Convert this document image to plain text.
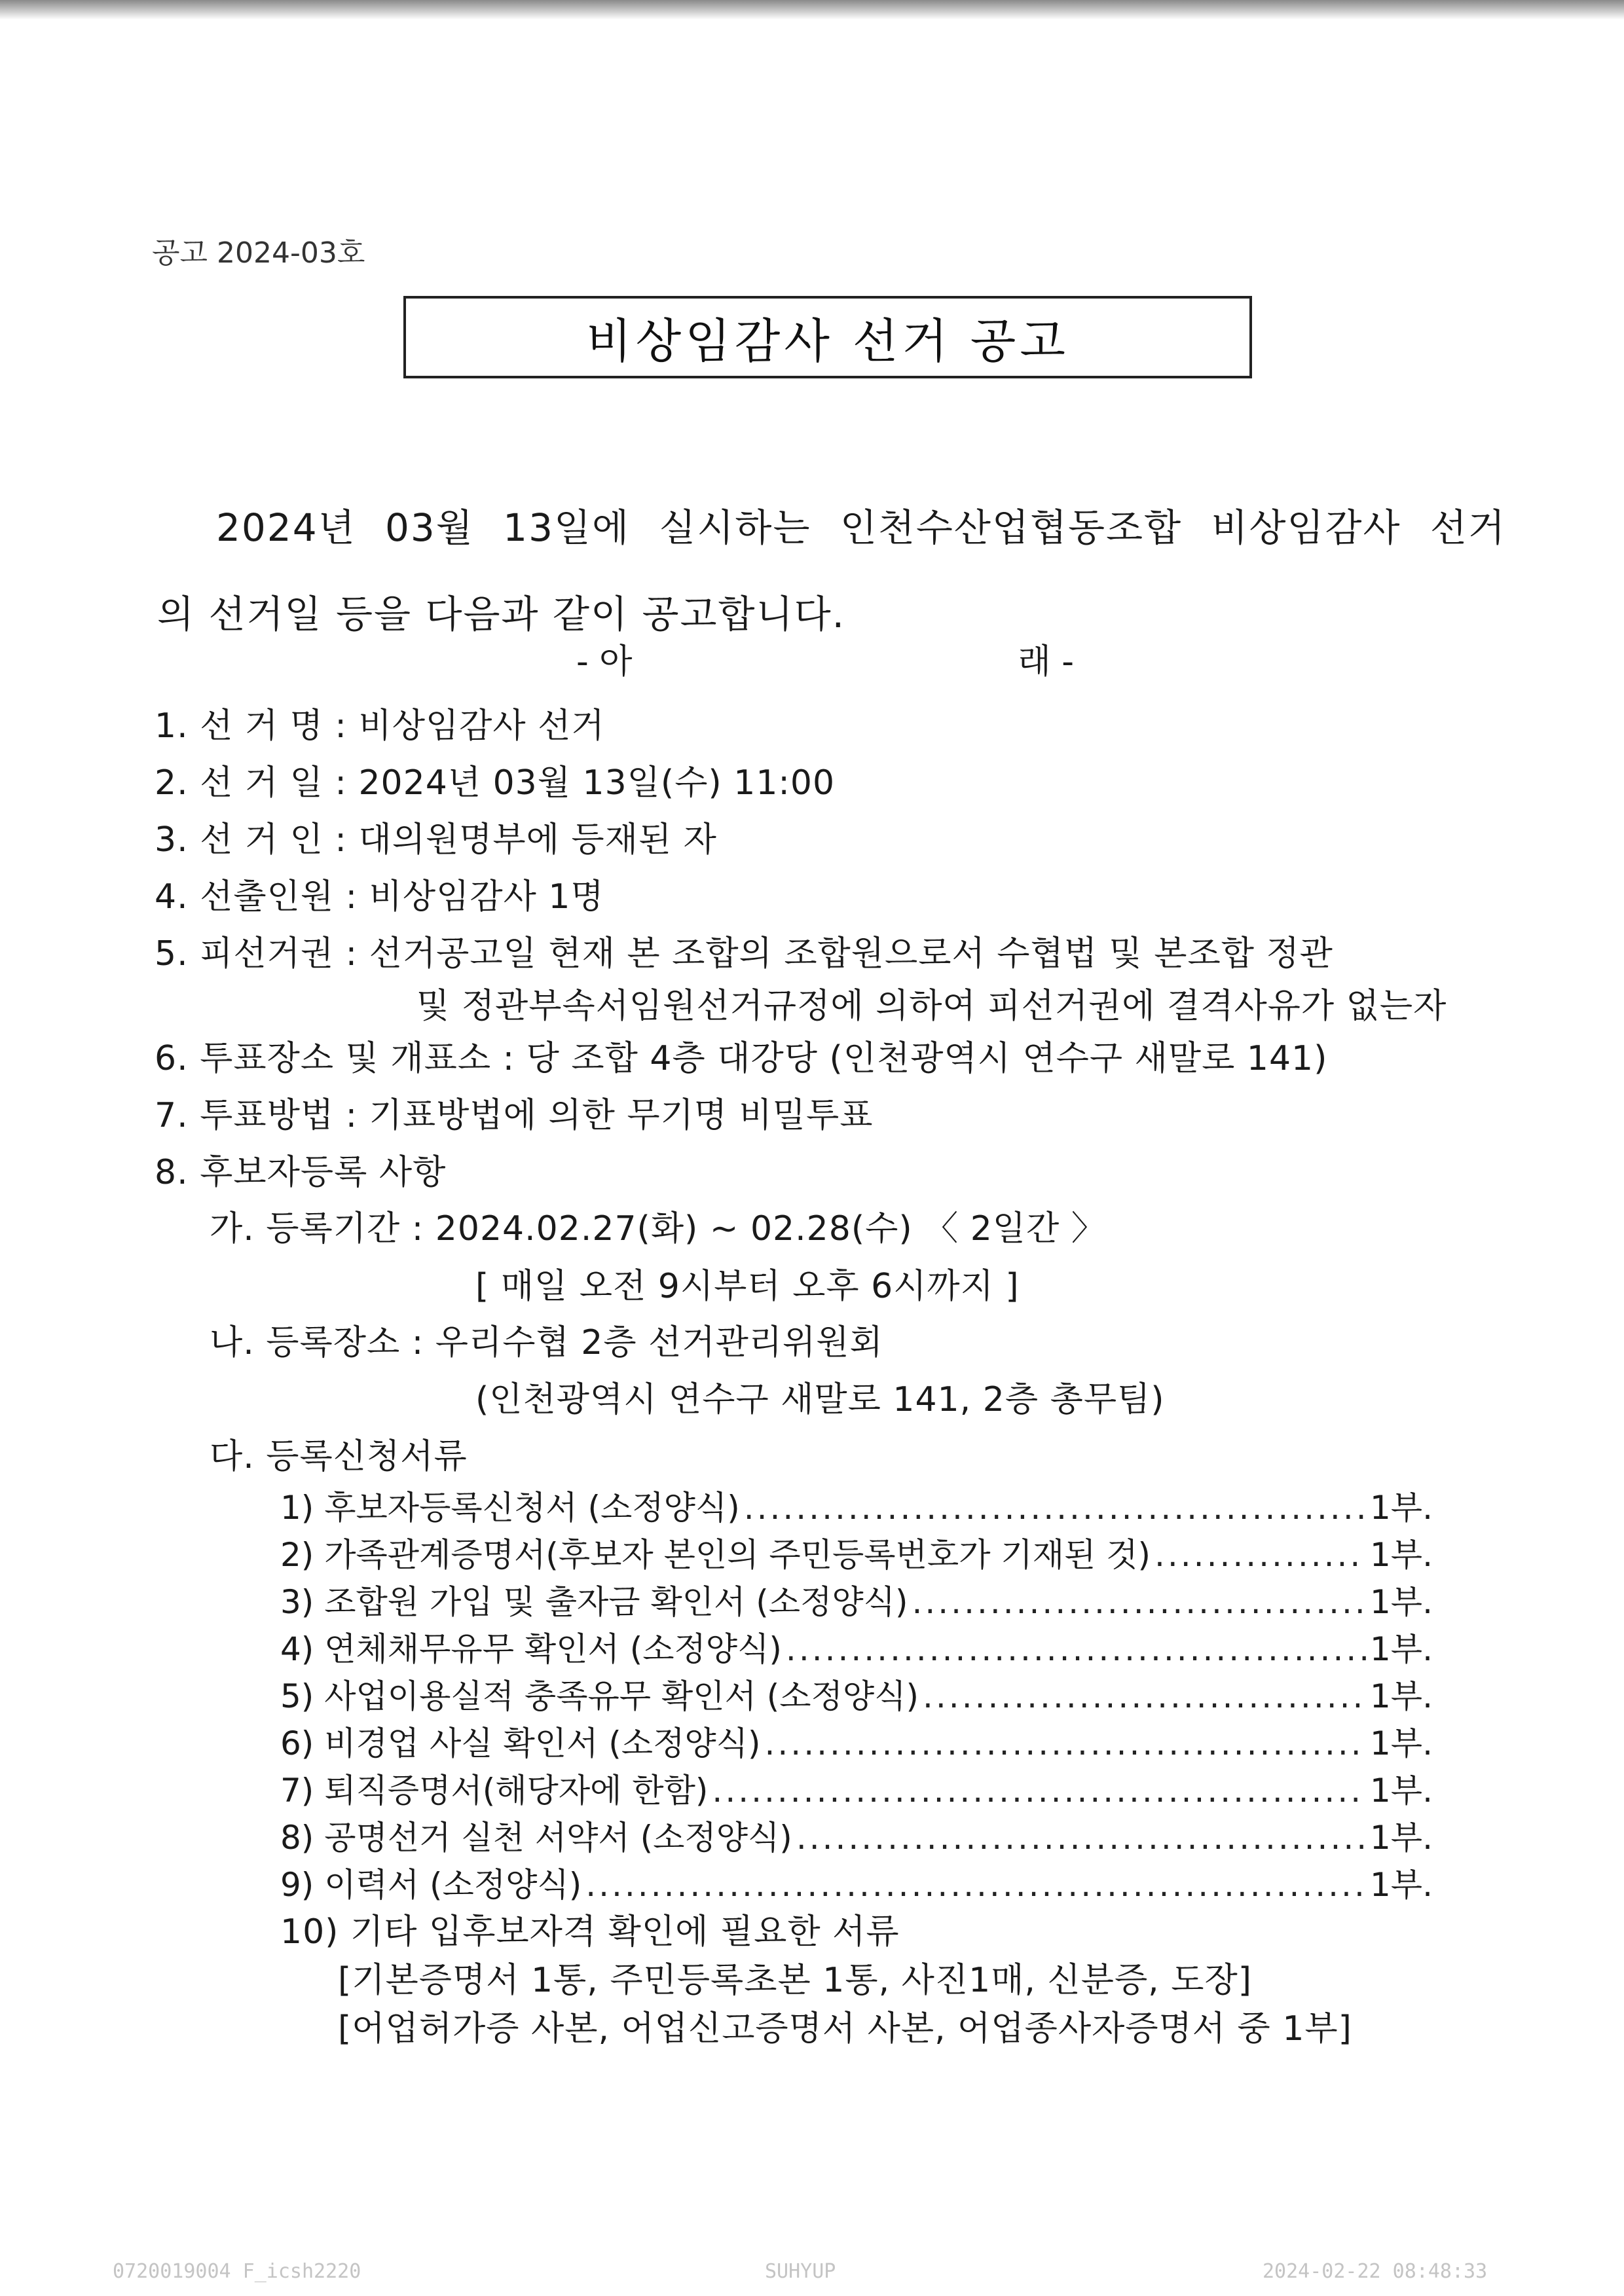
공고 2024-03호
비상임감사 선거 공고
2024년 03월 13일에 실시하는 인천수산업협동조합 비상임감사 선거
의 선거일 등을 다음과 같이 공고합니다.
- 아	래 -
1. 선 거 명 : 비상임감사 선거
2. 선 거 일 : 2024년 03월 13일(수) 11:00
3. 선 거 인 : 대의원명부에 등재된 자
4. 선출인원 : 비상임감사 1명
5. 피선거권 : 선거공고일 현재 본 조합의 조합원으로서 수협법 및 본조합 정관
및 정관부속서임원선거규정에 의하여 피선거권에 결격사유가 없는자
6. 투표장소 및 개표소 : 당 조합 4층 대강당 (인천광역시 연수구 새말로 141)
7. 투표방법 : 기표방법에 의한 무기명 비밀투표
8. 후보자등록 사항
가. 등록기간 : 2024.02.27(화) ~ 02.28(수) 〈 2일간 〉
[ 매일 오전 9시부터 오후 6시까지 ]
나. 등록장소 : 우리수협 2층 선거관리위원회
(인천광역시 연수구 새말로 141, 2층 총무팀)
다. 등록신청서류
1) 후보자등록신청서 (소정양식) .....	1부.
2) 가족관계증명서(후보자 본인의 주민등록번호가 기재된 것) .....	1부.
3) 조합원 가입 및 출자금 확인서 (소정양식) .....	1부.
4) 연체채무유무 확인서 (소정양식) .....	1부.
5) 사업이용실적 충족유무 확인서 (소정양식) .....	1부.
6) 비경업 사실 확인서 (소정양식) .....	1부.
7) 퇴직증명서(해당자에 한함) .....	1부.
8) 공명선거 실천 서약서 (소정양식) .....	1부.
9) 이력서 (소정양식) .....	1부.
10) 기타 입후보자격 확인에 필요한 서류
[기본증명서 1통, 주민등록초본 1통, 사진1매, 신분증, 도장]
[어업허가증 사본, 어업신고증명서 사본, 어업종사자증명서 중 1부]
0720019004 F_icsh2220	SUHYUP	2024-02-22 08:48:33
